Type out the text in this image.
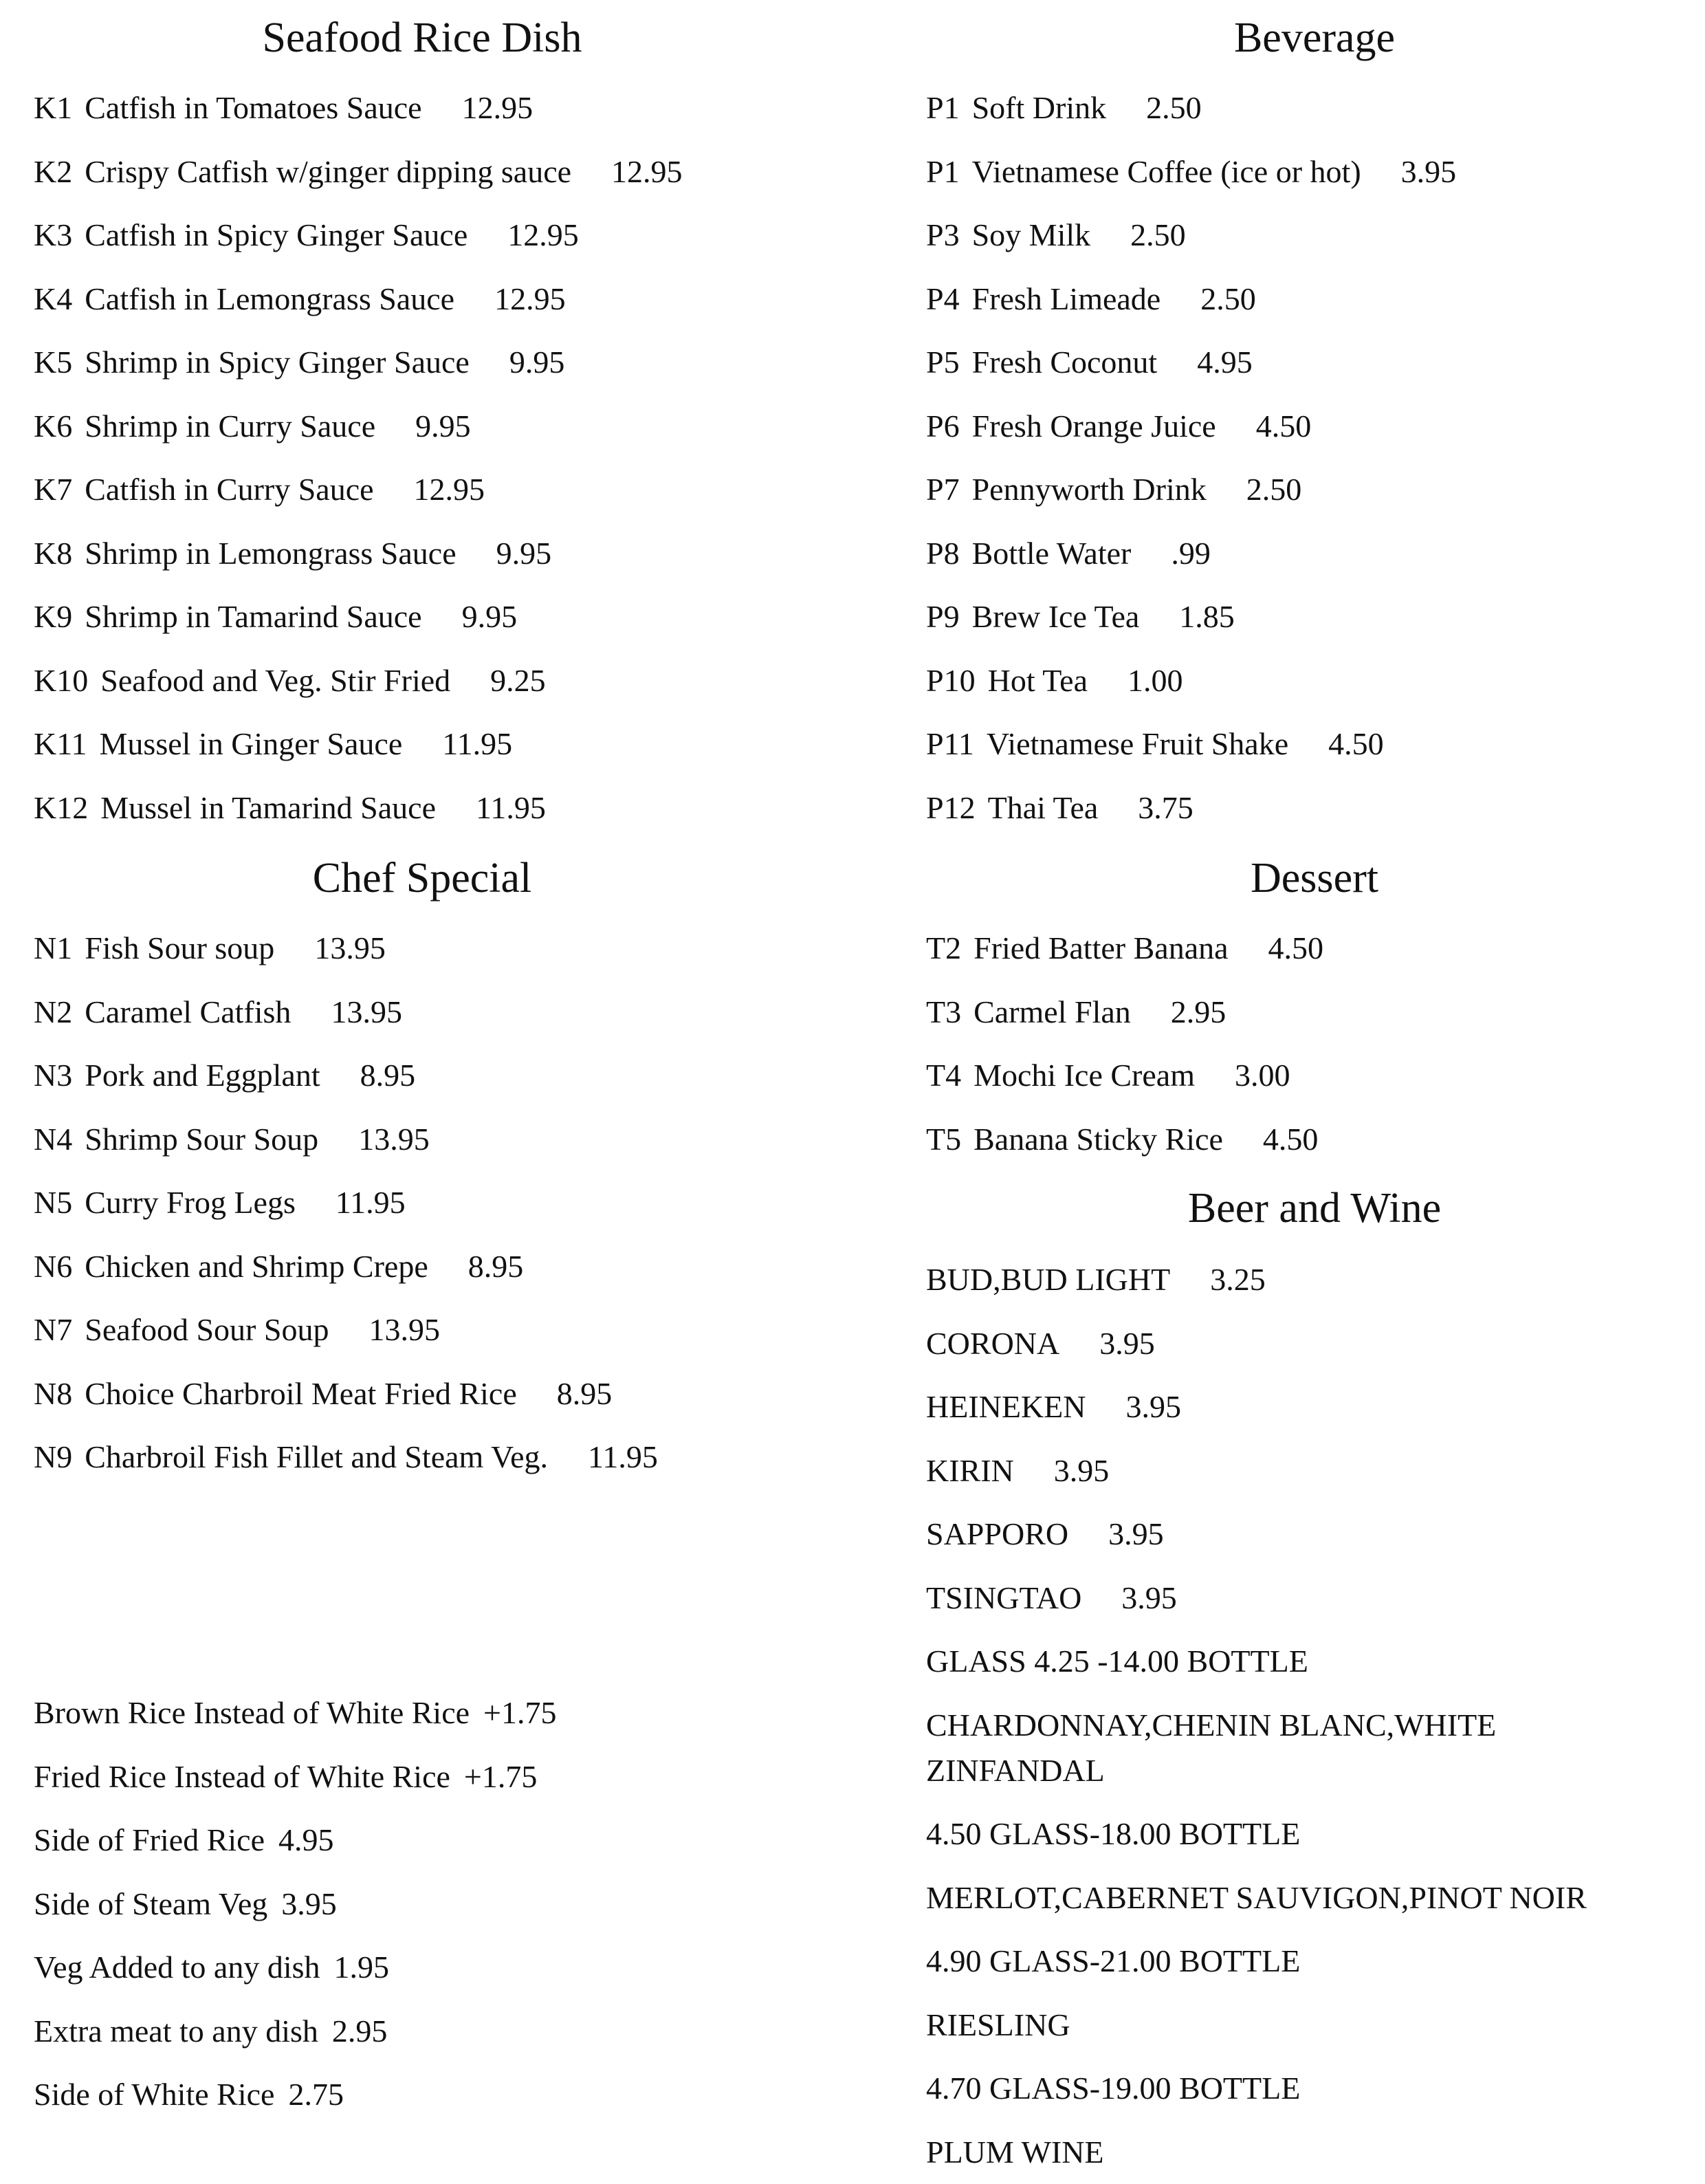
Seafood Rice Dish
K1 Catfish in Tomatoes Sauce 12.95
K2 Crispy Catfish w/ginger dipping sauce 12.95
K3 Catfish in Spicy Ginger Sauce 12.95
K4 Catfish in Lemongrass Sauce 12.95
K5 Shrimp in Spicy Ginger Sauce 9.95
K6 Shrimp in Curry Sauce 9.95
K7 Catfish in Curry Sauce 12.95
K8 Shrimp in Lemongrass Sauce 9.95
K9 Shrimp in Tamarind Sauce 9.95
K10 Seafood and Veg. Stir Fried 9.25
K11 Mussel in Ginger Sauce 11.95
K12 Mussel in Tamarind Sauce 11.95
Chef Special
N1 Fish Sour soup 13.95
N2 Caramel Catfish 13.95
N3 Pork and Eggplant 8.95
N4 Shrimp Sour Soup 13.95
N5 Curry Frog Legs 11.95
N6 Chicken and Shrimp Crepe 8.95
N7 Seafood Sour Soup 13.95
N8 Choice Charbroil Meat Fried Rice 8.95
N9 Charbroil Fish Fillet and Steam Veg. 11.95
Brown Rice Instead of White Rice +1.75
Fried Rice Instead of White Rice +1.75
Side of Fried Rice 4.95
Side of Steam Veg 3.95
Veg Added to any dish 1.95
Extra meat to any dish 2.95
Side of White Rice 2.75
Beverage
P1 Soft Drink 2.50
P1 Vietnamese Coffee (ice or hot) 3.95
P3 Soy Milk 2.50
P4 Fresh Limeade 2.50
P5 Fresh Coconut 4.95
P6 Fresh Orange Juice 4.50
P7 Pennyworth Drink 2.50
P8 Bottle Water .99
P9 Brew Ice Tea 1.85
P10 Hot Tea 1.00
P11 Vietnamese Fruit Shake 4.50
P12 Thai Tea 3.75
Dessert
T2 Fried Batter Banana 4.50
T3 Carmel Flan 2.95
T4 Mochi Ice Cream 3.00
T5 Banana Sticky Rice 4.50
Beer and Wine
BUD,BUD LIGHT 3.25
CORONA 3.95
HEINEKEN 3.95
KIRIN 3.95
SAPPORO 3.95
TSINGTAO 3.95
GLASS 4.25 -14.00 BOTTLE
CHARDONNAY,CHENIN BLANC,WHITE
ZINFANDAL
4.50 GLASS-18.00 BOTTLE
MERLOT,CABERNET SAUVIGON,PINOT NOIR
4.90 GLASS-21.00 BOTTLE
RIESLING
4.70 GLASS-19.00 BOTTLE
PLUM WINE
